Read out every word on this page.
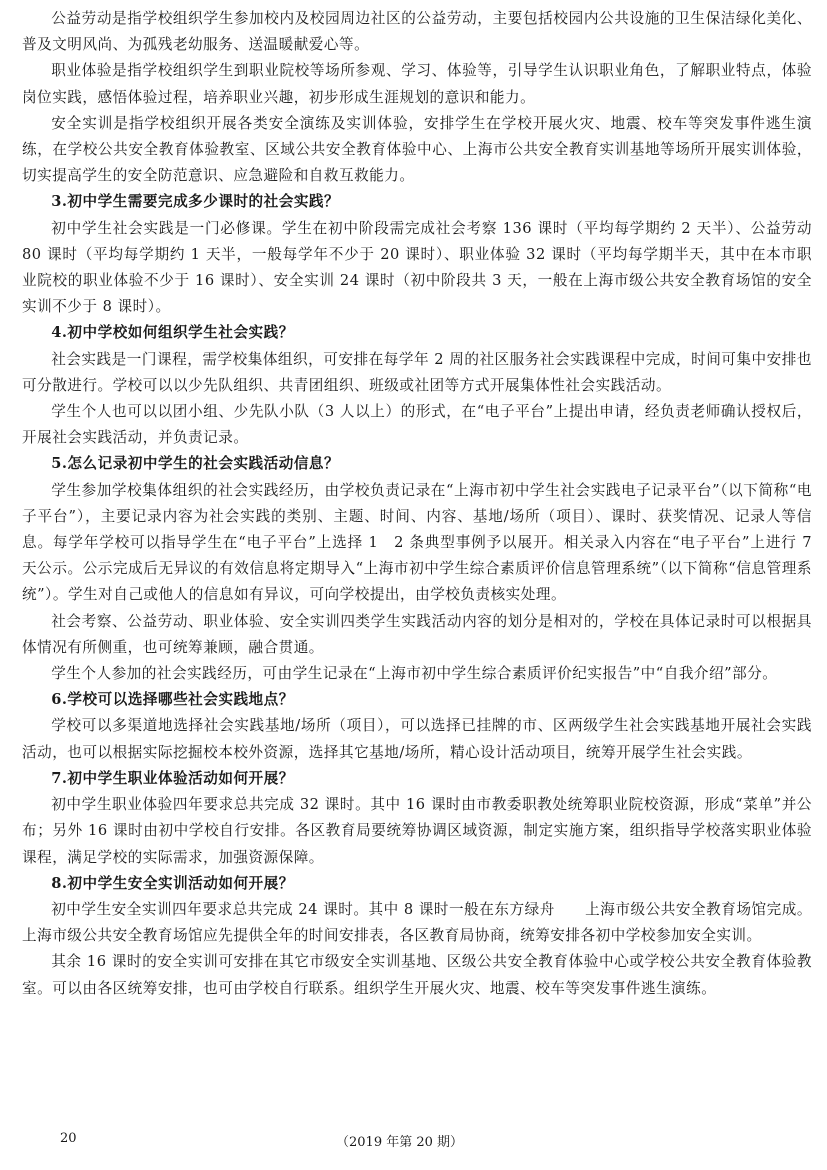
公益劳动是指学校组织学生参加校内及校园周边社区的公益劳动，主要包括校园内公共设施的卫生保洁绿化美化、普及文明风尚、为孤残老幼服务、送温暖献爱心等。

职业体验是指学校组织学生到职业院校等场所参观、学习、体验等，引导学生认识职业角色，了解职业特点，体验岗位实践，感悟体验过程，培养职业兴趣，初步形成生涯规划的意识和能力。

安全实训是指学校组织开展各类安全演练及实训体验，安排学生在学校开展火灾、地震、校车等突发事件逃生演练，在学校公共安全教育体验教室、区域公共安全教育体验中心、上海市公共安全教育实训基地等场所开展实训体验，切实提高学生的安全防范意识、应急避险和自救互救能力。

3.初中学生需要完成多少课时的社会实践？

初中学生社会实践是一门必修课。学生在初中阶段需完成社会考察 136 课时（平均每学期约 2 天半）、公益劳动 80 课时（平均每学期约 1 天半，一般每学年不少于 20 课时）、职业体验 32 课时（平均每学期半天，其中在本市职业院校的职业体验不少于 16 课时）、安全实训 24 课时（初中阶段共 3 天，一般在上海市级公共安全教育场馆的安全实训不少于 8 课时）。

4.初中学校如何组织学生社会实践？

社会实践是一门课程，需学校集体组织，可安排在每学年 2 周的社区服务社会实践课程中完成，时间可集中安排也可分散进行。学校可以以少先队组织、共青团组织、班级或社团等方式开展集体性社会实践活动。

学生个人也可以以团小组、少先队小队（3 人以上）的形式，在“电子平台”上提出申请，经负责老师确认授权后，开展社会实践活动，并负责记录。

5.怎么记录初中学生的社会实践活动信息？

学生参加学校集体组织的社会实践经历，由学校负责记录在“上海市初中学生社会实践电子记录平台”（以下简称“电子平台”），主要记录内容为社会实践的类别、主题、时间、内容、基地/场所（项目）、课时、获奖情况、记录人等信息。每学年学校可以指导学生在“电子平台”上选择 1　2 条典型事例予以展开。相关录入内容在“电子平台”上进行 7 天公示。公示完成后无异议的有效信息将定期导入“上海市初中学生综合素质评价信息管理系统”（以下简称“信息管理系统”）。学生对自己或他人的信息如有异议，可向学校提出，由学校负责核实处理。

社会考察、公益劳动、职业体验、安全实训四类学生实践活动内容的划分是相对的，学校在具体记录时可以根据具体情况有所侧重，也可统筹兼顾，融合贯通。

学生个人参加的社会实践经历，可由学生记录在“上海市初中学生综合素质评价纪实报告”中“自我介绍”部分。

6.学校可以选择哪些社会实践地点？

学校可以多渠道地选择社会实践基地/场所（项目），可以选择已挂牌的市、区两级学生社会实践基地开展社会实践活动，也可以根据实际挖掘校本校外资源，选择其它基地/场所，精心设计活动项目，统筹开展学生社会实践。

7.初中学生职业体验活动如何开展？

初中学生职业体验四年要求总共完成 32 课时。其中 16 课时由市教委职教处统筹职业院校资源，形成“菜单”并公布；另外 16 课时由初中学校自行安排。各区教育局要统筹协调区域资源，制定实施方案，组织指导学校落实职业体验课程，满足学校的实际需求，加强资源保障。

8.初中学生安全实训活动如何开展？

初中学生安全实训四年要求总共完成 24 课时。其中 8 课时一般在东方绿舟　　上海市级公共安全教育场馆完成。上海市级公共安全教育场馆应先提供全年的时间安排表，各区教育局协商，统筹安排各初中学校参加安全实训。

其余 16 课时的安全实训可安排在其它市级安全实训基地、区级公共安全教育体验中心或学校公共安全教育体验教室。可以由各区统筹安排，也可由学校自行联系。组织学生开展火灾、地震、校车等突发事件逃生演练。

20	（2019 年第 20 期）
